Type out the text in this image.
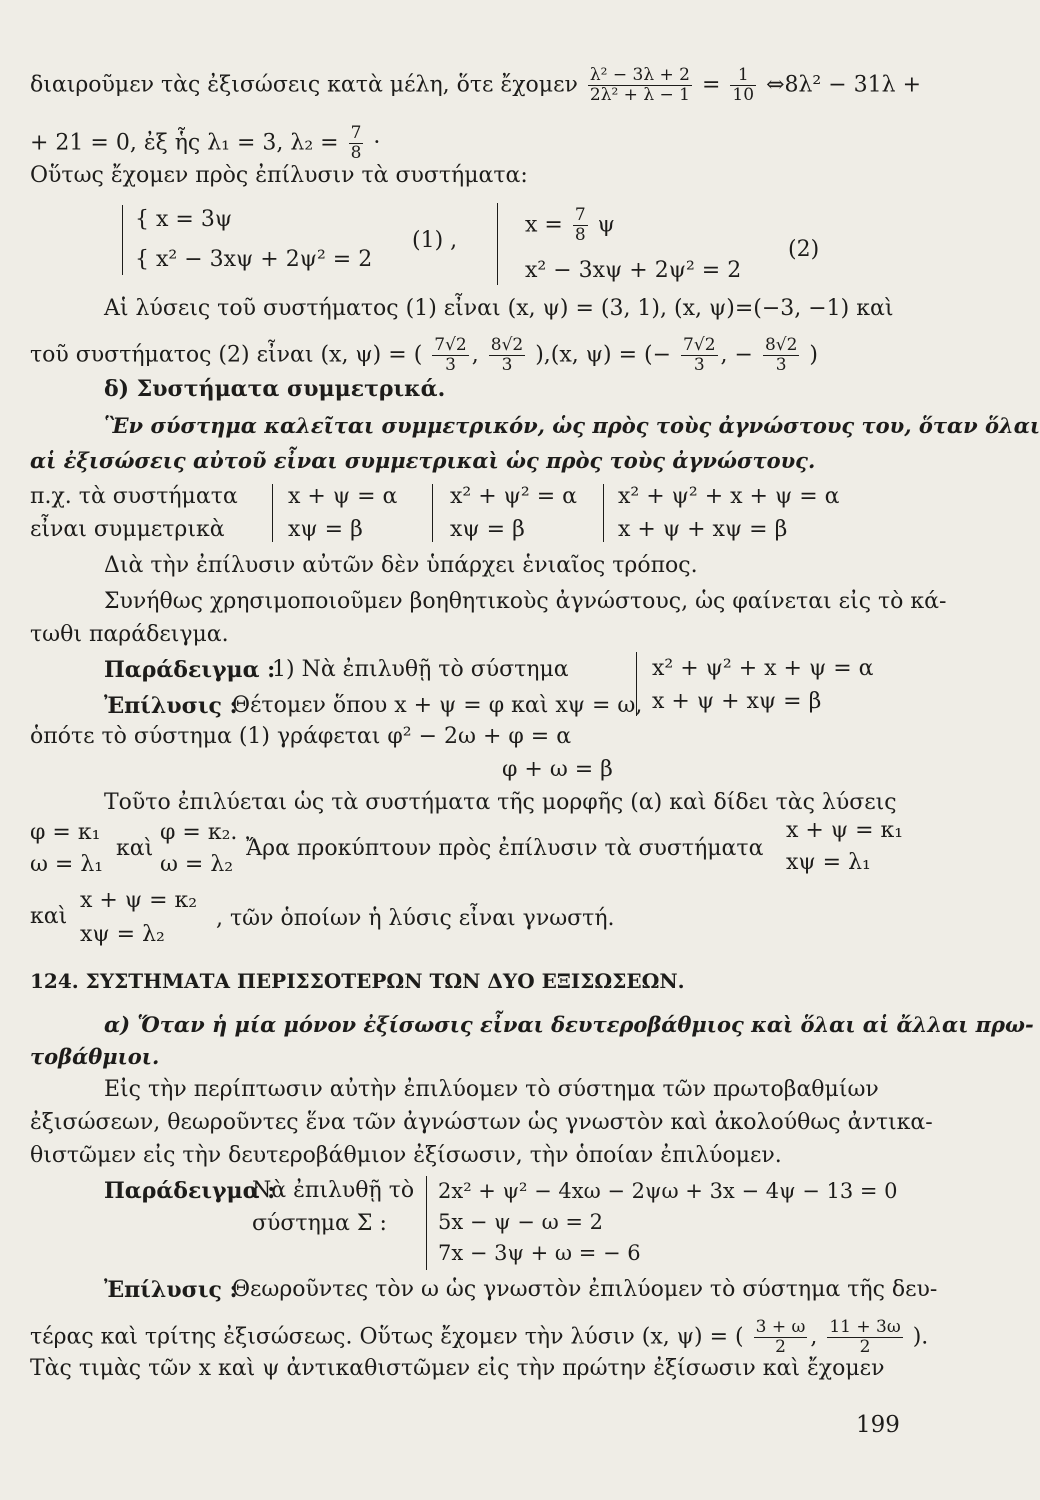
διαιροῦμεν τὰς ἐξισώσεις κατὰ μέλη, ὅτε ἔχομεν $\frac{\text{λ² − 3λ + 2}}{\text{2λ² + λ − 1}} = \frac{1}{10}$ ⇔8λ² − 31λ +
+ 21 = 0, ἐξ ἧς λ₁ = 3, $\lambda_2 = \frac{7}{8}$ ·
Οὕτως ἔχομεν πρὸς ἐπίλυσιν τὰ συστήματα:
{ x = 3ψ
{ x² − 3xψ + 2ψ² = 2
(1) ,
$x = \frac{7}{8}$ ψ
x² − 3xψ + 2ψ² = 2
(2)
Αἱ λύσεις τοῦ συστήματος (1) εἶναι (x, ψ) = (3, 1), (x, ψ)=(−3, −1) καὶ
τοῦ συστήματος (2) εἶναι (x, ψ) = ( $\frac{7√2}{3}$ , $\frac{8√2}{3} ),(x$, ψ) = (− $\frac{7√2}{3}$ , − $\frac{8√2}{3}$ )
δ) Συστήματα συμμετρικά.
Ἓν σύστημα καλεῖται συμμετρικόν, ὡς πρὸς τοὺς ἀγνώστους του, ὅταν ὅλαι
αἱ ἐξισώσεις αὐτοῦ εἶναι συμμετρικαὶ ὡς πρὸς τοὺς ἀγνώστους.
π.χ. τὰ συστήματα
εἶναι συμμετρικὰ
x + ψ = α
xψ = β
x² + ψ² = α
xψ = β
x² + ψ² + x + ψ = α
x + ψ + xψ = β
Διὰ τὴν ἐπίλυσιν αὐτῶν δὲν ὑπάρχει ἑνιαῖος τρόπος.
Συνήθως χρησιμοποιοῦμεν βοηθητικοὺς ἀγνώστους, ὡς φαίνεται εἰς τὸ κά-
τωθι παράδειγμα.
Παράδειγμα :
1) Νὰ ἐπιλυθῇ τὸ σύστημα	x² + ψ² + x + ψ = α
x + ψ + xψ = β
Ἐπίλυσις :
Θέτομεν ὅπου x + ψ = φ καὶ xψ = ω,
ὁπότε τὸ σύστημα (1) γράφεται φ² − 2ω + φ = α
φ + ω = β
Τοῦτο ἐπιλύεται ὡς τὰ συστήματα τῆς μορφῆς (α) καὶ δίδει τὰς λύσεις
φ = κ₁
ω = λ₁
καὶ
φ = κ₂.
ω = λ₂
Ἄρα προκύπτουν πρὸς ἐπίλυσιν τὰ συστήματα
x + ψ = κ₁
xψ = λ₁
καὶ
x + ψ = κ₂
xψ = λ₂
, τῶν ὁποίων ἡ λύσις εἶναι γνωστή.
124. ΣΥΣΤΗΜΑΤΑ ΠΕΡΙΣΣΟΤΕΡΩΝ ΤΩΝ ΔΥΟ ΕΞΙΣΩΣΕΩΝ.
α) Ὅταν ἡ μία μόνον ἐξίσωσις εἶναι δευτεροβάθμιος καὶ ὅλαι αἱ ἄλλαι πρω-
τοβάθμιοι.
Εἰς τὴν περίπτωσιν αὐτὴν ἐπιλύομεν τὸ σύστημα τῶν πρωτοβαθμίων
ἐξισώσεων, θεωροῦντες ἕνα τῶν ἀγνώστων ὡς γνωστὸν καὶ ἀκολούθως ἀντικα-
θιστῶμεν εἰς τὴν δευτεροβάθμιον ἐξίσωσιν, τὴν ὁποίαν ἐπιλύομεν.
Παράδειγμα :
Νὰ ἐπιλυθῇ τὸ
σύστημα Σ :
2x² + ψ² − 4xω − 2ψω + 3x − 4ψ − 13 = 0
5x − ψ − ω = 2
7x − 3ψ + ω = − 6
Ἐπίλυσις :
Θεωροῦντες τὸν ω ὡς γνωστὸν ἐπιλύομεν τὸ σύστημα τῆς δευ-
τέρας καὶ τρίτης ἐξισώσεως. Οὕτως ἔχομεν τὴν λύσιν (x, ψ) = ( $\frac{3 + \omega}{2}$ , $\frac{11 + 3\omega}{2}$ ).
Τὰς τιμὰς τῶν x καὶ ψ ἀντικαθιστῶμεν εἰς τὴν πρώτην ἐξίσωσιν καὶ ἔχομεν
199
